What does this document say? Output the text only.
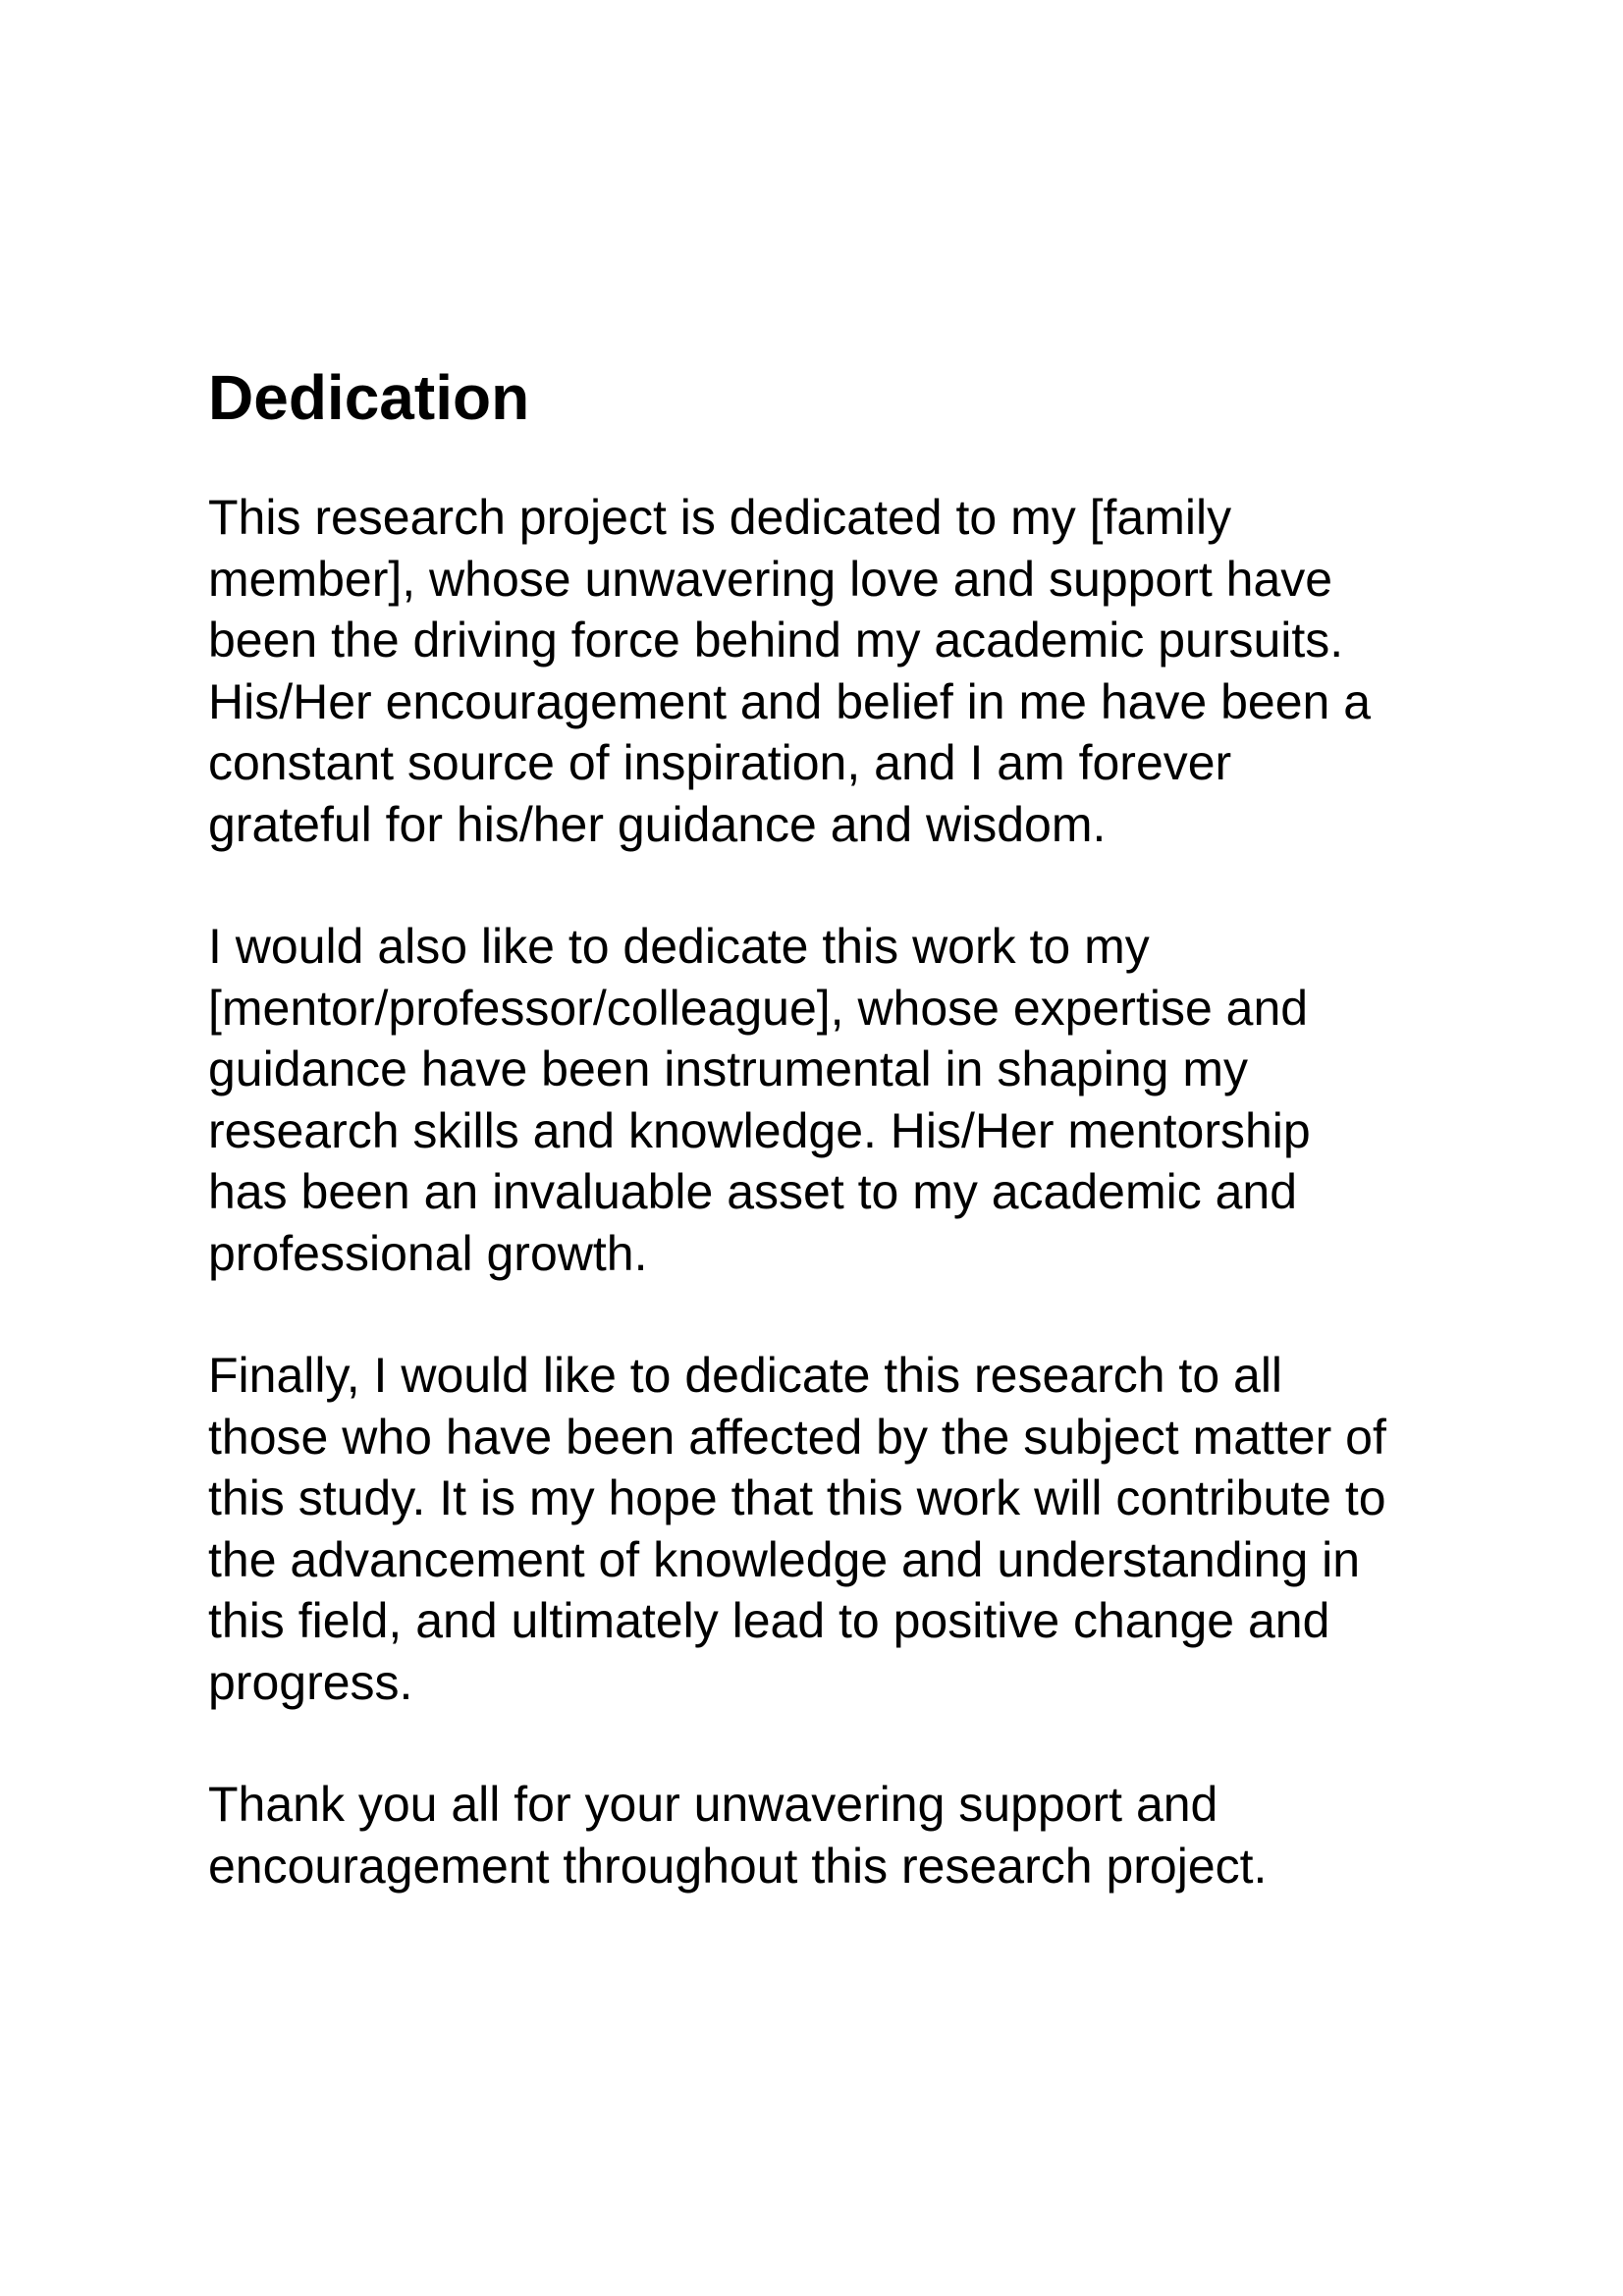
Dedication

This research project is dedicated to my [family
member], whose unwavering love and support have
been the driving force behind my academic pursuits.
His/Her encouragement and belief in me have been a
constant source of inspiration, and I am forever
grateful for his/her guidance and wisdom.

I would also like to dedicate this work to my
[mentor/professor/colleague], whose expertise and
guidance have been instrumental in shaping my
research skills and knowledge. His/Her mentorship
has been an invaluable asset to my academic and
professional growth.

Finally, I would like to dedicate this research to all
those who have been affected by the subject matter of
this study. It is my hope that this work will contribute to
the advancement of knowledge and understanding in
this field, and ultimately lead to positive change and
progress.

Thank you all for your unwavering support and
encouragement throughout this research project.
